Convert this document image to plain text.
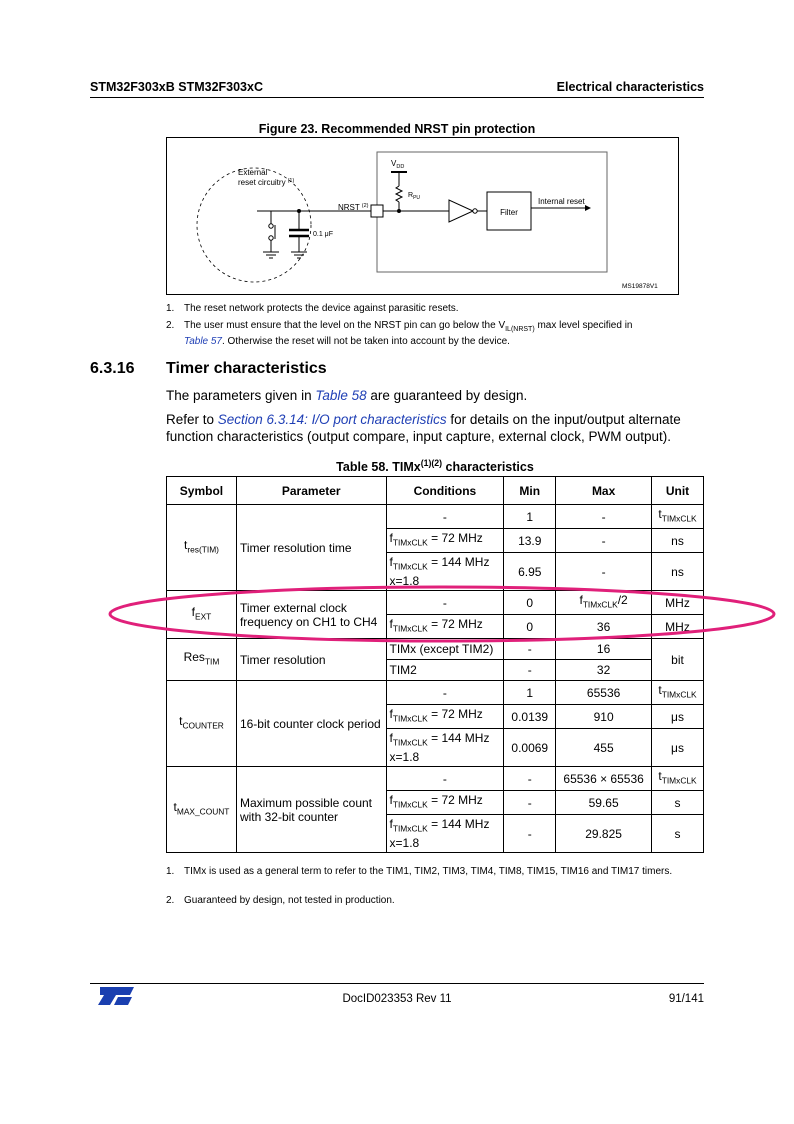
STM32F303xB STM32F303xC	Electrical characteristics
Figure 23. Recommended NRST pin protection
External
reset circuitry $^{(1)}$
$V_{DD}$
$R_{PU}$
NRST $^{(2)}$
Filter
Internal reset
0.1 μF
MS19878V1
1. The reset network protects the device against parasitic resets.
2. The user must ensure that the level on the NRST pin can go below the $V_{IL(NRST)}$ max level specified in
Table 57. Otherwise the reset will not be taken into account by the device.
6.3.16 Timer characteristics
The parameters given in Table 58 are guaranteed by design.
Refer to Section 6.3.14: I/O port characteristics for details on the input/output alternate function characteristics (output compare, input capture, external clock, PWM output).
Table 58. TIMx$^{(1)(2)}$ characteristics
Symbol	Parameter	Conditions	Min	Max	Unit
$t_{res(TIM)}$	Timer resolution time	-	1	-	$t_{TIMxCLK}$
		$f_{TIMxCLK} = 72$ MHz	13.9	-	ns
		$f_{TIMxCLK} = 144$ MHz
x=1.8	6.95	-	ns
$f_{EXT}$	Timer external clock frequency on CH1 to CH4	-	0	$f_{TIMxCLK}/2$	MHz
		$f_{TIMxCLK} = 72$ MHz	0	36	MHz
Res$_{TIM}$	Timer resolution	TIMx (except TIM2)	-	16	bit
		TIM2	-	32	
$t_{COUNTER}$	16-bit counter clock period	-	1	65536	$t_{TIMxCLK}$
		$f_{TIMxCLK} = 72$ MHz	0.0139	910	μs
		$f_{TIMxCLK} = 144$ MHz
x=1.8	0.0069	455	μs
$t_{MAX\_COUNT}$	Maximum possible count with 32-bit counter	-	-	65536 × 65536	$t_{TIMxCLK}$
		$f_{TIMxCLK} = 72$ MHz	-	59.65	s
		$f_{TIMxCLK} = 144$ MHz
x=1.8	-	29.825	s
1. TIMx is used as a general term to refer to the TIM1, TIM2, TIM3, TIM4, TIM8, TIM15, TIM16 and TIM17 timers.
2. Guaranteed by design, not tested in production.
DocID023353 Rev 11	91/141
